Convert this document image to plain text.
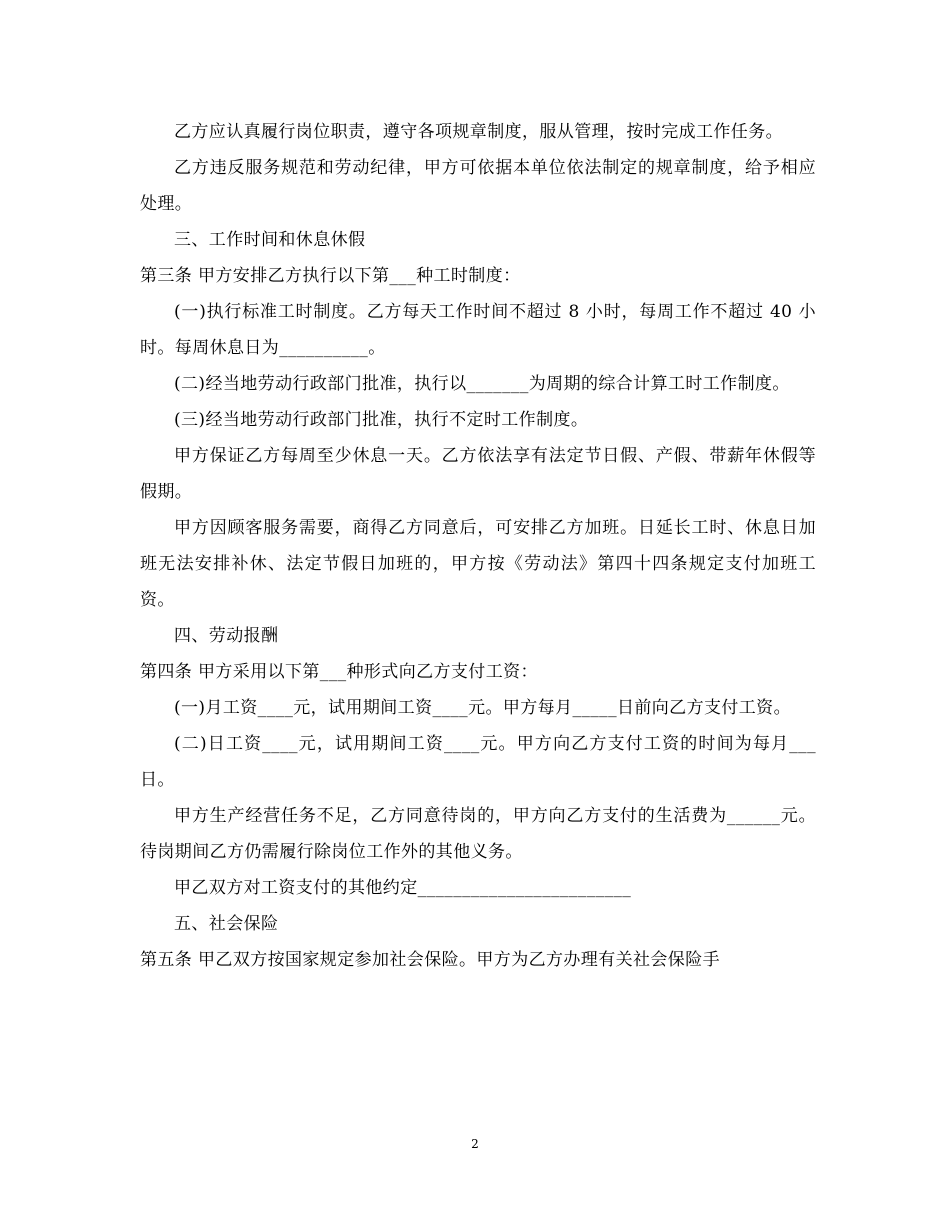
乙方应认真履行岗位职责，遵守各项规章制度，服从管理，按时完成工作任务。

乙方违反服务规范和劳动纪律，甲方可依据本单位依法制定的规章制度，给予相应处理。

三、工作时间和休息休假

第三条 甲方安排乙方执行以下第___种工时制度：

(一)执行标准工时制度。乙方每天工作时间不超过 8 小时，每周工作不超过 40 小时。每周休息日为__________。

(二)经当地劳动行政部门批准，执行以_______为周期的综合计算工时工作制度。

(三)经当地劳动行政部门批准，执行不定时工作制度。

甲方保证乙方每周至少休息一天。乙方依法享有法定节日假、产假、带薪年休假等假期。

甲方因顾客服务需要，商得乙方同意后，可安排乙方加班。日延长工时、休息日加班无法安排补休、法定节假日加班的，甲方按《劳动法》第四十四条规定支付加班工资。

四、劳动报酬

第四条 甲方采用以下第___种形式向乙方支付工资：

(一)月工资____元，试用期间工资____元。甲方每月_____日前向乙方支付工资。

(二)日工资____元，试用期间工资____元。甲方向乙方支付工资的时间为每月___日。

甲方生产经营任务不足，乙方同意待岗的，甲方向乙方支付的生活费为______元。待岗期间乙方仍需履行除岗位工作外的其他义务。

甲乙双方对工资支付的其他约定________________________

五、社会保险

第五条 甲乙双方按国家规定参加社会保险。甲方为乙方办理有关社会保险手

2
